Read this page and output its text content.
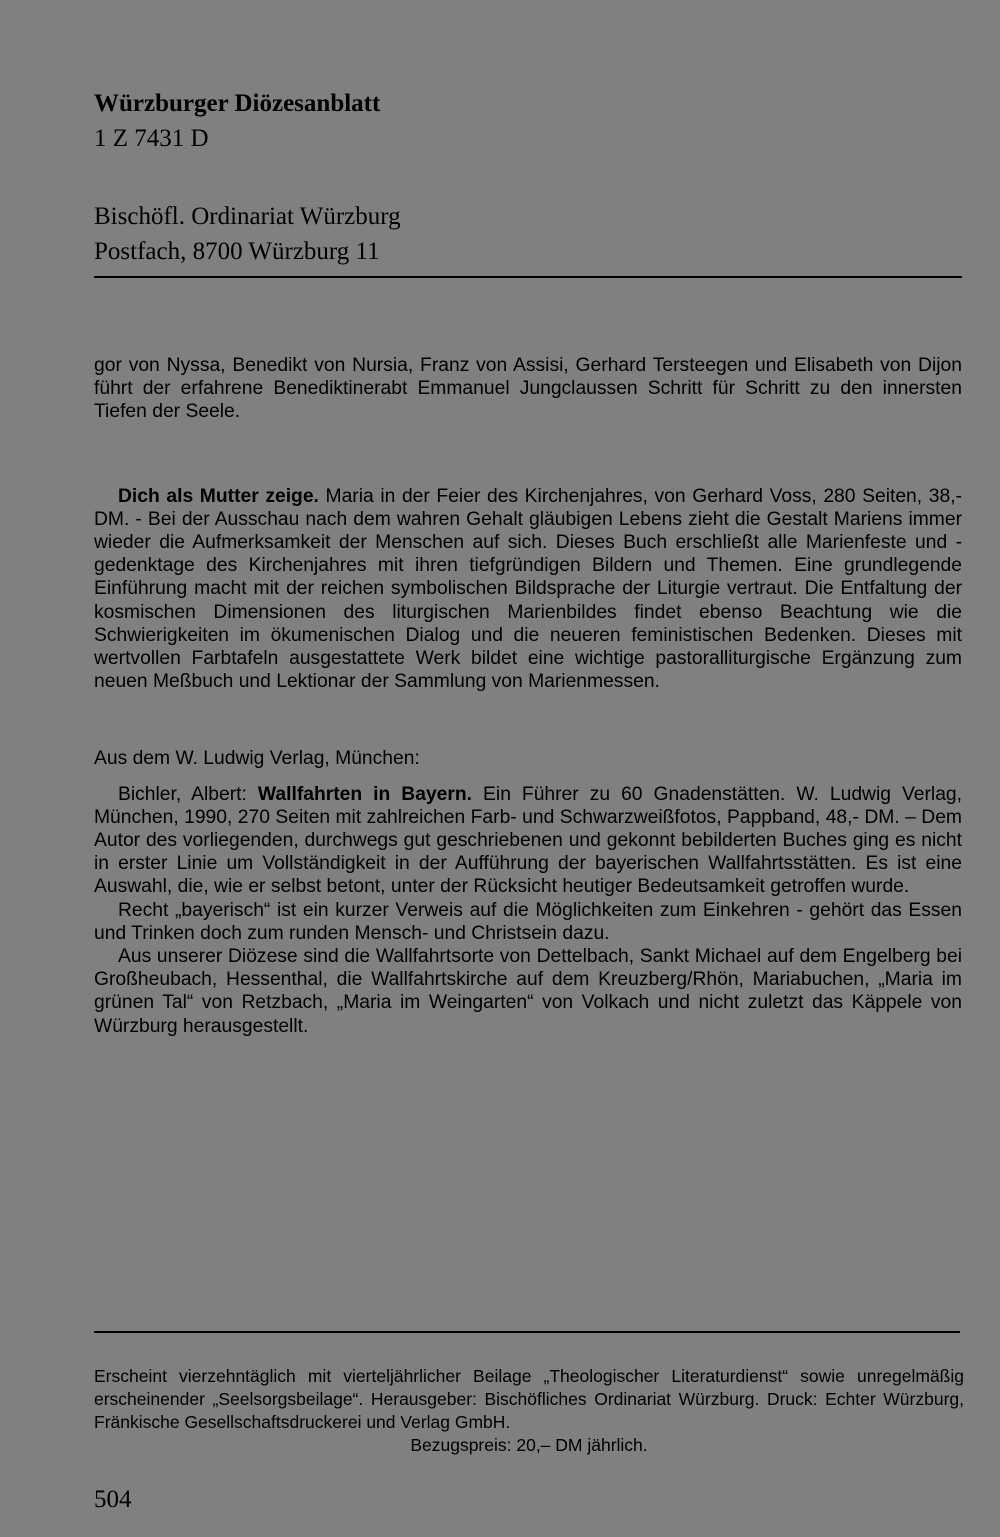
Würzburger Diözesanblatt
1 Z 7431 D
Bischöfl. Ordinariat Würzburg
Postfach, 8700 Würzburg 11

gor von Nyssa, Benedikt von Nursia, Franz von Assisi, Gerhard Tersteegen und Elisabeth von Dijon führt der erfahrene Benediktinerabt Emmanuel Jungclaussen Schritt für Schritt zu den innersten Tiefen der Seele.

Dich als Mutter zeige. Maria in der Feier des Kirchenjahres, von Gerhard Voss, 280 Seiten, 38,- DM. - Bei der Ausschau nach dem wahren Gehalt gläubigen Lebens zieht die Gestalt Mariens immer wieder die Aufmerksamkeit der Menschen auf sich. Dieses Buch erschließt alle Marienfeste und -gedenktage des Kirchenjahres mit ihren tiefgründigen Bildern und Themen. Eine grundlegende Einführung macht mit der reichen symbolischen Bildsprache der Liturgie vertraut. Die Entfaltung der kosmischen Dimensionen des liturgischen Marienbildes findet ebenso Beachtung wie die Schwierigkeiten im ökumenischen Dialog und die neueren feministischen Bedenken. Dieses mit wertvollen Farbtafeln ausgestattete Werk bildet eine wichtige pastoralliturgische Ergänzung zum neuen Meßbuch und Lektionar der Sammlung von Marienmessen.

Aus dem W. Ludwig Verlag, München:

Bichler, Albert: Wallfahrten in Bayern. Ein Führer zu 60 Gnadenstätten. W. Ludwig Verlag, München, 1990, 270 Seiten mit zahlreichen Farb- und Schwarzweißfotos, Pappband, 48,- DM. – Dem Autor des vorliegenden, durchwegs gut geschriebenen und gekonnt bebilderten Buches ging es nicht in erster Linie um Vollständigkeit in der Aufführung der bayerischen Wallfahrtsstätten. Es ist eine Auswahl, die, wie er selbst betont, unter der Rücksicht heutiger Bedeutsamkeit getroffen wurde.

Recht „bayerisch“ ist ein kurzer Verweis auf die Möglichkeiten zum Einkehren - gehört das Essen und Trinken doch zum runden Mensch- und Christsein dazu.

Aus unserer Diözese sind die Wallfahrtsorte von Dettelbach, Sankt Michael auf dem Engelberg bei Großheubach, Hessenthal, die Wallfahrtskirche auf dem Kreuzberg/Rhön, Mariabuchen, „Maria im grünen Tal“ von Retzbach, „Maria im Weingarten“ von Volkach und nicht zuletzt das Käppele von Würzburg herausgestellt.

Erscheint vierzehntäglich mit vierteljährlicher Beilage „Theologischer Literaturdienst“ sowie unregelmäßig erscheinender „Seelsorgsbeilage“. Herausgeber: Bischöfliches Ordinariat Würzburg. Druck: Echter Würzburg, Fränkische Gesellschaftsdruckerei und Verlag GmbH.

Bezugspreis: 20,– DM jährlich.

504
